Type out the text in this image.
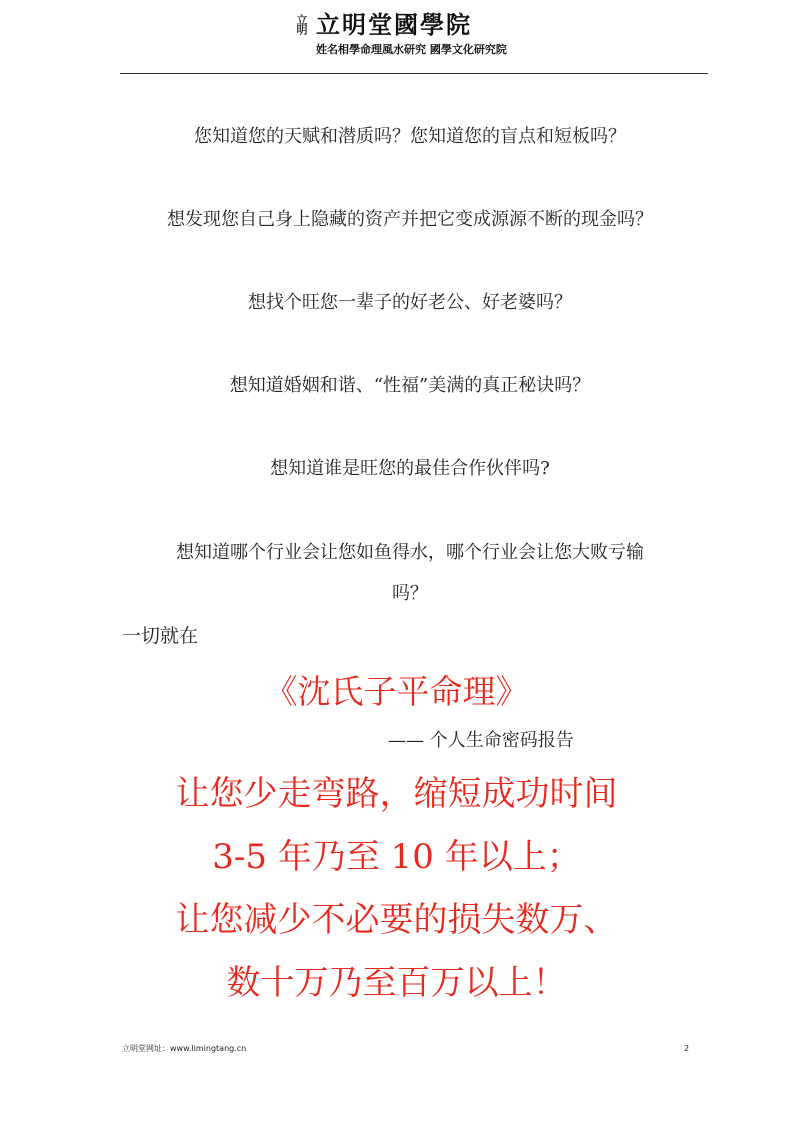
立明 立明堂國學院
姓名相學命理風水研究 國學文化研究院
您知道您的天赋和潜质吗？您知道您的盲点和短板吗？
想发现您自己身上隐藏的资产并把它变成源源不断的现金吗？
想找个旺您一辈子的好老公、好老婆吗？
想知道婚姻和谐、“性福”美满的真正秘诀吗？
想知道谁是旺您的最佳合作伙伴吗?
想知道哪个行业会让您如鱼得水，哪个行业会让您大败亏输
吗？
一切就在
《沈氏子平命理》
—— 个人生命密码报告
让您少走弯路，缩短成功时间
3-5 年乃至 10 年以上；
让您减少不必要的损失数万、
数十万乃至百万以上！
立明堂网址：www.limingtang.cn	2
